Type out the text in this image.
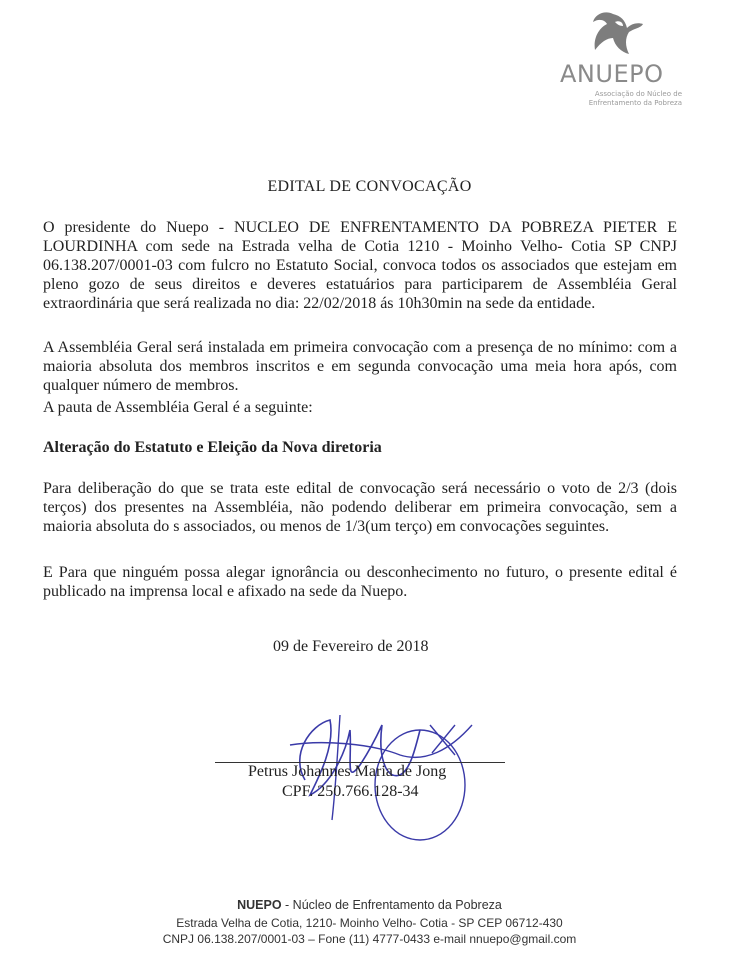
ANUEPO
Associação do Núcleo de
Enfrentamento da Pobreza
EDITAL DE CONVOCAÇÃO
O presidente do Nuepo - NUCLEO DE ENFRENTAMENTO DA POBREZA PIETER E LOURDINHA com sede na Estrada velha de Cotia 1210 - Moinho Velho- Cotia SP CNPJ 06.138.207/0001-03 com fulcro no Estatuto Social, convoca todos os associados que estejam em pleno gozo de seus direitos e deveres estatuários para participarem de Assembléia Geral extraordinária que será realizada no dia: 22/02/2018 ás 10h30min na sede da entidade.
A Assembléia Geral será instalada em primeira convocação com a presença de no mínimo: com a maioria absoluta dos membros inscritos e em segunda convocação uma meia hora após, com qualquer número de membros.
A pauta de Assembléia Geral é a seguinte:
Alteração do Estatuto e Eleição da Nova diretoria
Para deliberação do que se trata este edital de convocação será necessário o voto de 2/3 (dois terços) dos presentes na Assembléia, não podendo deliberar em primeira convocação, sem a maioria absoluta do s associados, ou menos de 1/3(um terço) em convocações seguintes.
E Para que ninguém possa alegar ignorância ou desconhecimento no futuro, o presente edital é publicado na imprensa local e afixado na sede da Nuepo.
09 de Fevereiro de 2018
Petrus Johannes Maria de Jong
CPF. 250.766.128-34
NUEPO - Núcleo de Enfrentamento da Pobreza
Estrada Velha de Cotia, 1210- Moinho Velho- Cotia - SP CEP 06712-430
CNPJ 06.138.207/0001-03 – Fone (11) 4777-0433 e-mail nnuepo@gmail.com
